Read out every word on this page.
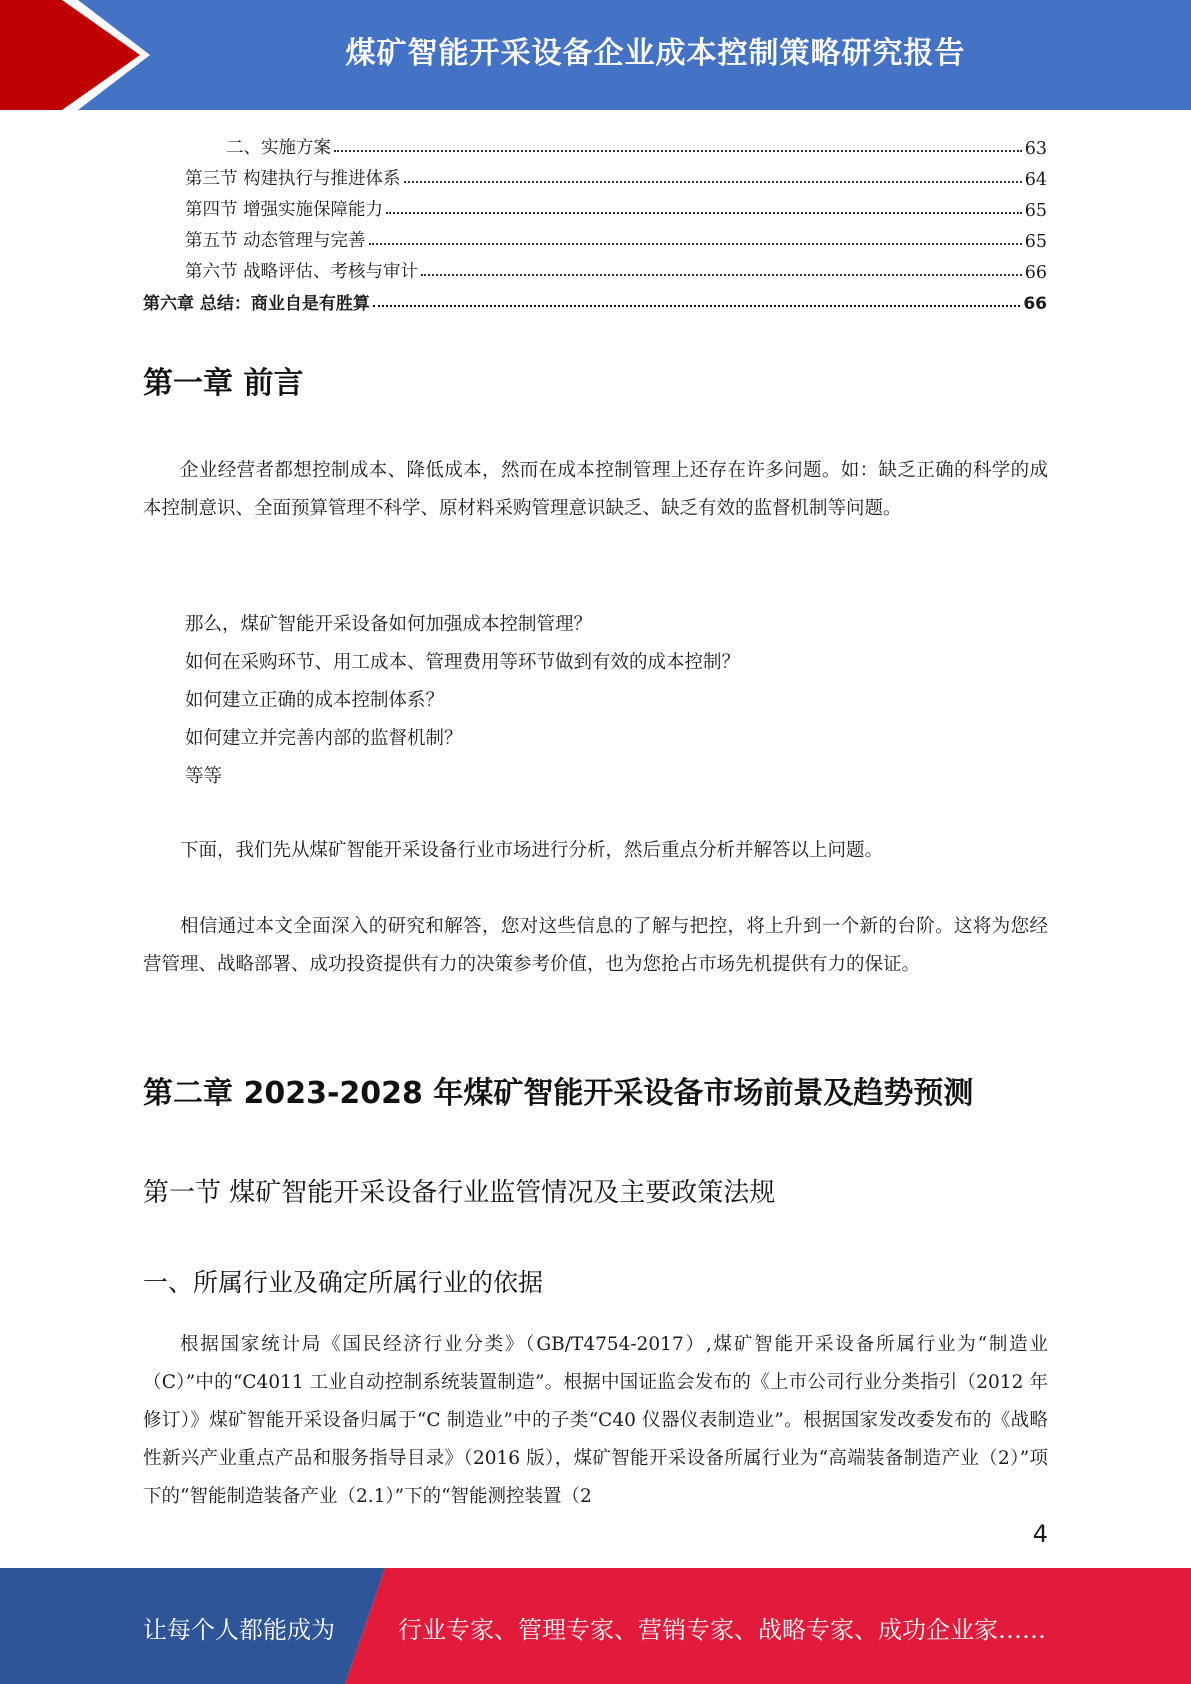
煤矿智能开采设备企业成本控制策略研究报告
二、实施方案	63
第三节 构建执行与推进体系	64
第四节 增强实施保障能力	65
第五节 动态管理与完善	65
第六节 战略评估、考核与审计	66
第六章 总结：商业自是有胜算	66
第一章 前言

企业经营者都想控制成本、降低成本，然而在成本控制管理上还存在许多问题。如：缺乏正确的科学的成本控制意识、全面预算管理不科学、原材料采购管理意识缺乏、缺乏有效的监督机制等问题。

那么，煤矿智能开采设备如何加强成本控制管理？
如何在采购环节、用工成本、管理费用等环节做到有效的成本控制？
如何建立正确的成本控制体系？
如何建立并完善内部的监督机制？
等等

下面，我们先从煤矿智能开采设备行业市场进行分析，然后重点分析并解答以上问题。

相信通过本文全面深入的研究和解答，您对这些信息的了解与把控，将上升到一个新的台阶。这将为您经营管理、战略部署、成功投资提供有力的决策参考价值，也为您抢占市场先机提供有力的保证。

第二章 2023-2028 年煤矿智能开采设备市场前景及趋势预测
第一节 煤矿智能开采设备行业监管情况及主要政策法规
一、所属行业及确定所属行业的依据

根据国家统计局《国民经济行业分类》（GB/T4754-2017）,煤矿智能开采设备所属行业为“制造业（C）”中的“C4011 工业自动控制系统装置制造”。根据中国证监会发布的《上市公司行业分类指引（2012 年修订）》煤矿智能开采设备归属于“C 制造业”中的子类“C40 仪器仪表制造业”。根据国家发改委发布的《战略性新兴产业重点产品和服务指导目录》（2016 版），煤矿智能开采设备所属行业为“高端装备制造产业（2）”项下的“智能制造装备产业（2.1）”下的“智能测控装置（2

4
让每个人都能成为	行业专家、管理专家、营销专家、战略专家、成功企业家……
